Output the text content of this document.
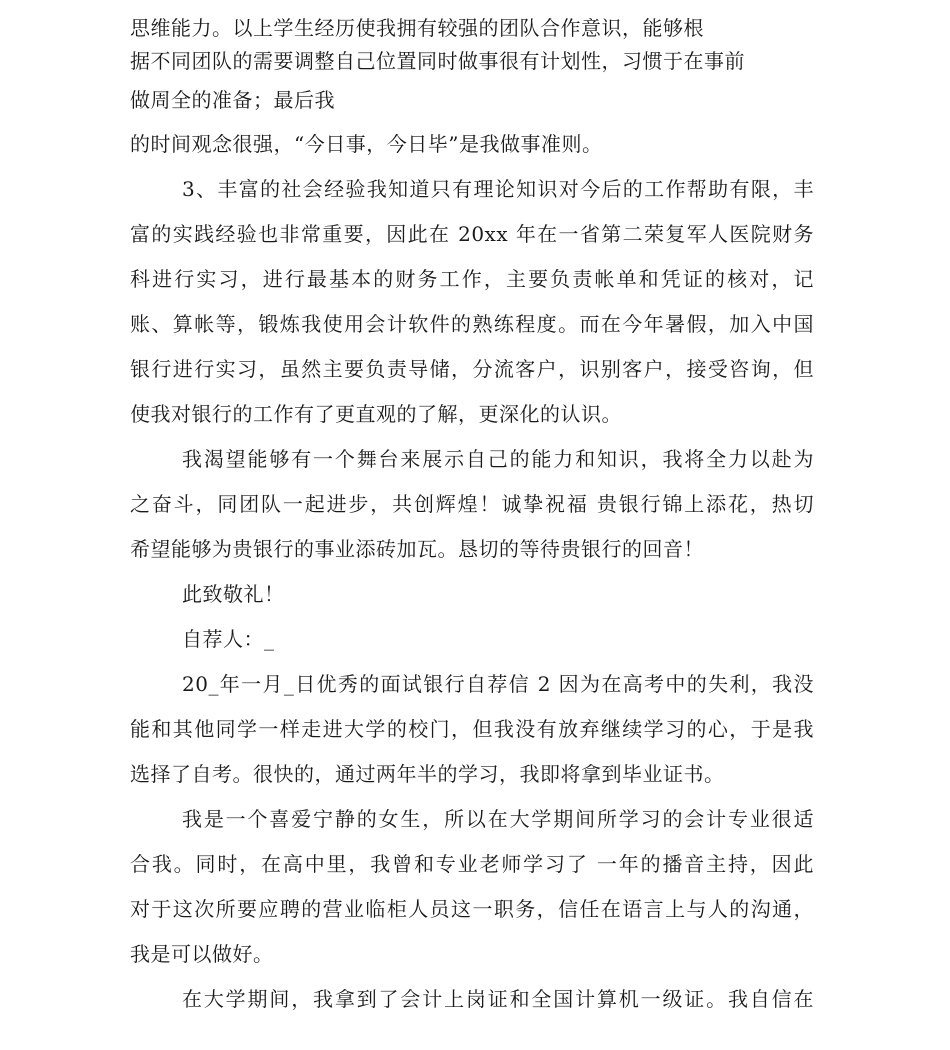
思维能力。以上学生经历使我拥有较强的团队合作意识，能够根
据不同团队的需要调整自己位置同时做事很有计划性，习惯于在事前
做周全的准备；最后我
的时间观念很强，“今日事，今日毕”是我做事准则。
3、丰富的社会经验我知道只有理论知识对今后的工作帮助有限，丰
富的实践经验也非常重要，因此在 20xx 年在一省第二荣复军人医院财务
科进行实习，进行最基本的财务工作，主要负责帐单和凭证的核对，记
账、算帐等，锻炼我使用会计软件的熟练程度。而在今年暑假，加入中国
银行进行实习，虽然主要负责导储，分流客户，识别客户，接受咨询，但
使我对银行的工作有了更直观的了解，更深化的认识。
我渴望能够有一个舞台来展示自己的能力和知识，我将全力以赴为
之奋斗，同团队一起进步，共创辉煌！诚挚祝福 贵银行锦上添花，热切
希望能够为贵银行的事业添砖加瓦。恳切的等待贵银行的回音！
此致敬礼！
自荐人：_
20_年一月_日优秀的面试银行自荐信 2 因为在高考中的失利，我没
能和其他同学一样走进大学的校门，但我没有放弃继续学习的心，于是我
选择了自考。很快的，通过两年半的学习，我即将拿到毕业证书。
我是一个喜爱宁静的女生，所以在大学期间所学习的会计专业很适
合我。同时，在高中里，我曾和专业老师学习了 一年的播音主持，因此
对于这次所要应聘的营业临柜人员这一职务，信任在语言上与人的沟通，
我是可以做好。
在大学期间，我拿到了会计上岗证和全国计算机一级证。我自信在
